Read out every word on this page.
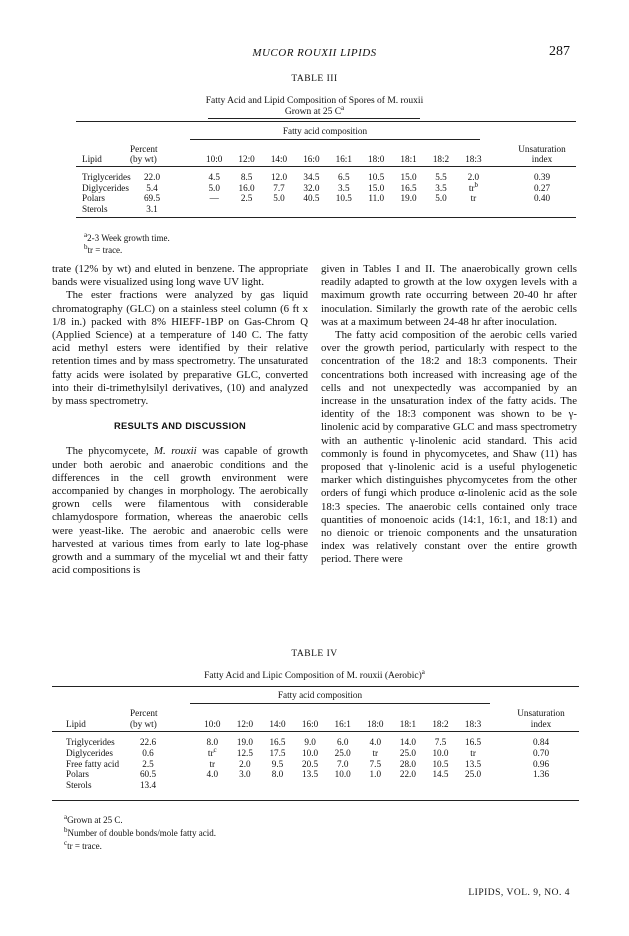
MUCOR ROUXII LIPIDS	287
TABLE III
Fatty Acid and Lipid Composition of Spores of M. rouxii
Grown at 25 $C^a$
Fatty acid composition
Percent
Lipid	(by wt)
Unsaturation
index
10:0	12:0	14:0	16:0	16:1	18:0	18:1	18:2	18:3
Triglycerides	22.0	4.5	8.5	12.0	34.5	6.5	10.5	15.0	5.5	2.0	0.39
Diglycerides	5.4	5.0	16.0	7.7	32.0	3.5	15.0	16.5	3.5	$tr^b$	0.27
Polars	69.5	—	2.5	5.0	40.5	10.5	11.0	19.0	5.0	tr	0.40
Sterols	3.1
$^a$2-3 Week growth time.
$^b$tr = trace.

trate (12% by wt) and eluted in benzene. The appropriate bands were visualized using long wave UV light.

The ester fractions were analyzed by gas liquid chromatography (GLC) on a stainless steel column (6 ft x 1/8 in.) packed with 8% HIEFF-1BP on Gas-Chrom Q (Applied Science) at a temperature of 140 C. The fatty acid methyl esters were identified by their relative retention times and by mass spectrometry. The unsaturated fatty acids were isolated by preparative GLC, converted into their di-trimethylsilyl derivatives, (10) and analyzed by mass spectrometry.

RESULTS AND DISCUSSION

The phycomycete, M. rouxii was capable of growth under both aerobic and anaerobic conditions and the differences in the cell growth environment were accompanied by changes in morphology. The aerobically grown cells were filamentous with considerable chlamydospore formation, whereas the anaerobic cells were yeast-like. The aerobic and anaerobic cells were harvested at various times from early to late log-phase growth and a summary of the mycelial wt and their fatty acid compositions is

given in Tables I and II. The anaerobically grown cells readily adapted to growth at the low oxygen levels with a maximum growth rate occurring between 20-40 hr after inoculation. Similarly the growth rate of the aerobic cells was at a maximum between 24-48 hr after inoculation.

The fatty acid composition of the aerobic cells varied over the growth period, particularly with respect to the concentration of the 18:2 and 18:3 components. Their concentrations both increased with increasing age of the cells and not unexpectedly was accompanied by an increase in the unsaturation index of the fatty acids. The identity of the 18:3 component was shown to be γ-linolenic acid by comparative GLC and mass spectrometry with an authentic γ-linolenic acid standard. This acid commonly is found in phycomycetes, and Shaw (11) has proposed that γ-linolenic acid is a useful phylogenetic marker which distinguishes phycomycetes from the other orders of fungi which produce α-linolenic acid as the sole 18:3 species. The anaerobic cells contained only trace quantities of monoenoic acids (14:1, 16:1, and 18:1) and no dienoic or trienoic components and the unsaturation index was relatively constant over the entire growth period. There were

TABLE IV
Fatty Acid and Lipic Composition of M. rouxii (Aerobic)$^a$
Fatty acid composition
Percent
Lipid	(by wt)
Unsaturation
index
10:0	12:0	14:0	16:0	16:1	18:0	18:1	18:2	18:3
Triglycerides	22.6	8.0	19.0	16.5	9.0	6.0	4.0	14.0	7.5	16.5	0.84
Diglycerides	0.6	$tr^c$	12.5	17.5	10.0	25.0	tr	25.0	10.0	tr	0.70
Free fatty acid	2.5	tr	2.0	9.5	20.5	7.0	7.5	28.0	10.5	13.5	0.96
Polars	60.5	4.0	3.0	8.0	13.5	10.0	1.0	22.0	14.5	25.0	1.36
Sterols	13.4
$^a$Grown at 25 C.
$^b$Number of double bonds/mole fatty acid.
$^c$tr = trace.
LIPIDS, VOL. 9, NO. 4
